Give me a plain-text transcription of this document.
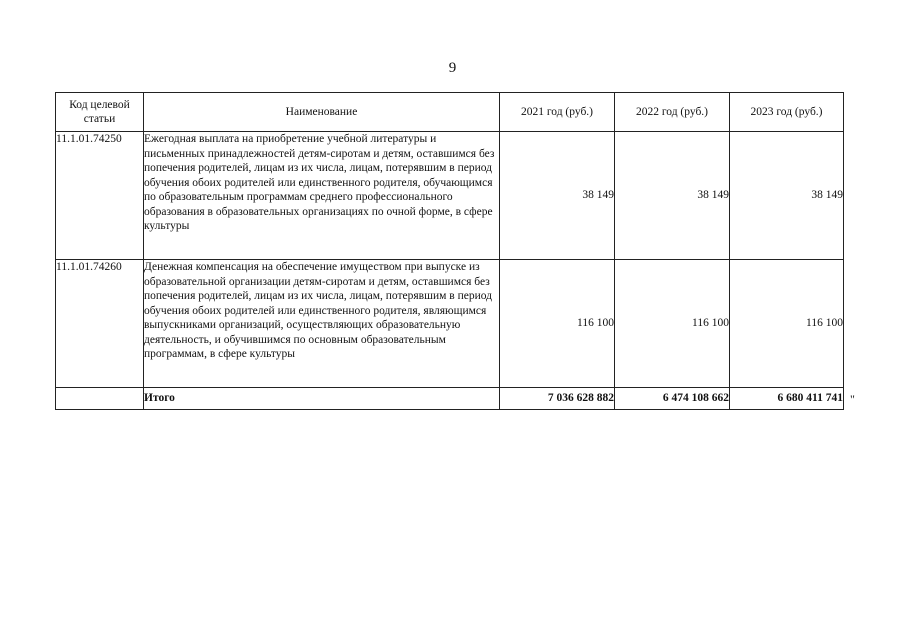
9
Код целевой статьи	Наименование	2021 год (руб.)	2022 год (руб.)	2023 год (руб.)
11.1.01.74250	Ежегодная выплата на приобретение учебной литературы и письменных принадлежностей детям-сиротам и детям, оставшимся без попечения родителей, лицам из их числа, лицам, потерявшим в период обучения обоих родителей или единственного родителя, обучающимся по образовательным программам среднего профессионального образования в образовательных организациях по очной форме, в сфере культуры	38 149	38 149	38 149
11.1.01.74260	Денежная компенсация на обеспечение имуществом при выпуске из образовательной организации детям-сиротам и детям, оставшимся без попечения родителей, лицам из их числа, лицам, потерявшим в период обучения обоих родителей или единственного родителя, являющимся выпускниками организаций, осуществляющих образовательную деятельность, и обучившимся по основным образовательным программам, в сфере культуры	116 100	116 100	116 100
	Итого	7 036 628 882	6 474 108 662	6 680 411 741 "
